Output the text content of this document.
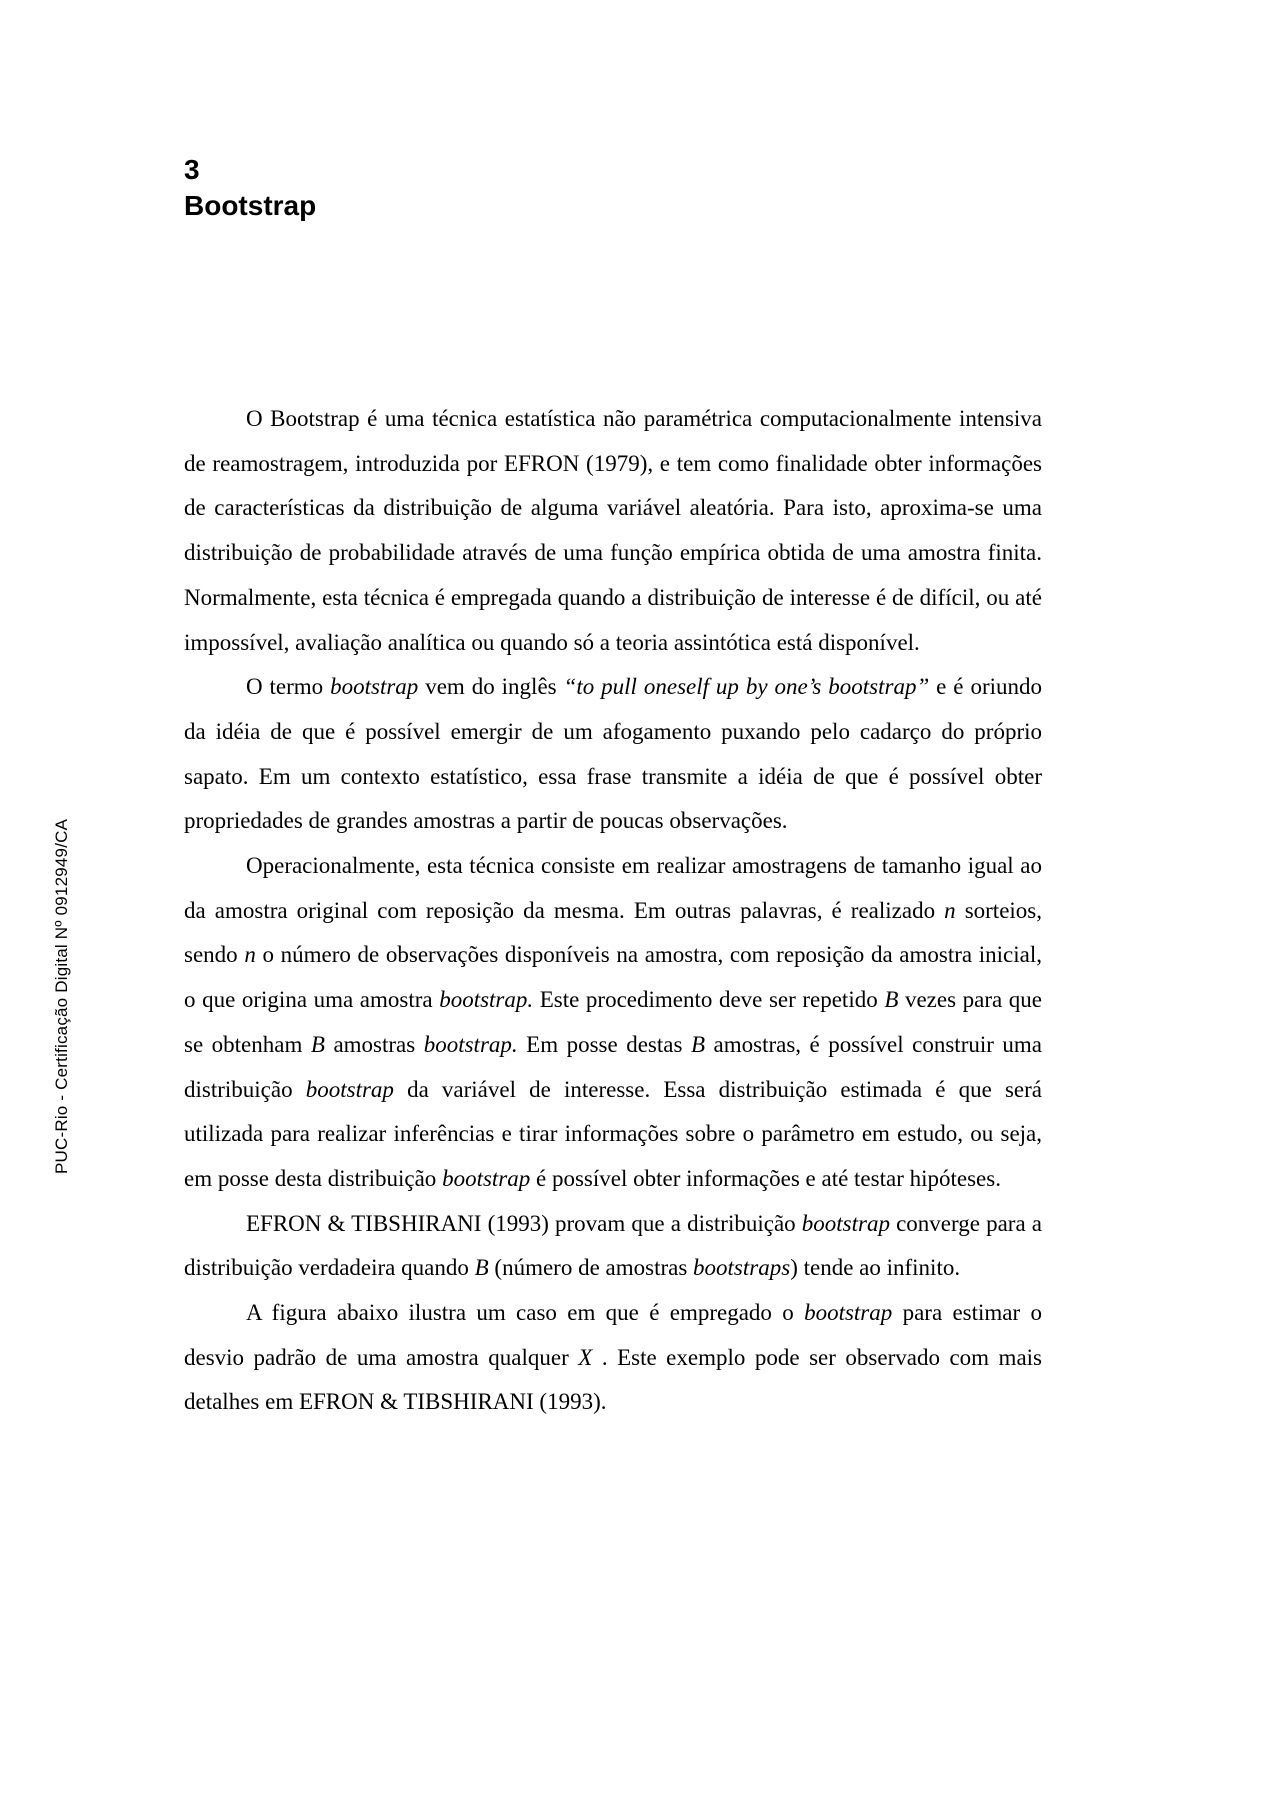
3
Bootstrap
PUC-Rio - Certificação Digital Nº 0912949/CA

O Bootstrap é uma técnica estatística não paramétrica computacionalmente intensiva de reamostragem, introduzida por EFRON (1979), e tem como finalidade obter informações de características da distribuição de alguma variável aleatória. Para isto, aproxima-se uma distribuição de probabilidade através de uma função empírica obtida de uma amostra finita. Normalmente, esta técnica é empregada quando a distribuição de interesse é de difícil, ou até impossível, avaliação analítica ou quando só a teoria assintótica está disponível.

O termo bootstrap vem do inglês “to pull oneself up by one’s bootstrap” e é oriundo da idéia de que é possível emergir de um afogamento puxando pelo cadarço do próprio sapato. Em um contexto estatístico, essa frase transmite a idéia de que é possível obter propriedades de grandes amostras a partir de poucas observações.

Operacionalmente, esta técnica consiste em realizar amostragens de tamanho igual ao da amostra original com reposição da mesma. Em outras palavras, é realizado n sorteios, sendo n o número de observações disponíveis na amostra, com reposição da amostra inicial, o que origina uma amostra bootstrap. Este procedimento deve ser repetido B vezes para que se obtenham B amostras bootstrap. Em posse destas B amostras, é possível construir uma distribuição bootstrap da variável de interesse. Essa distribuição estimada é que será utilizada para realizar inferências e tirar informações sobre o parâmetro em estudo, ou seja, em posse desta distribuição bootstrap é possível obter informações e até testar hipóteses.

EFRON & TIBSHIRANI (1993) provam que a distribuição bootstrap converge para a distribuição verdadeira quando B (número de amostras bootstraps) tende ao infinito.

A figura abaixo ilustra um caso em que é empregado o bootstrap para estimar o desvio padrão de uma amostra qualquer X . Este exemplo pode ser observado com mais detalhes em EFRON & TIBSHIRANI (1993).
